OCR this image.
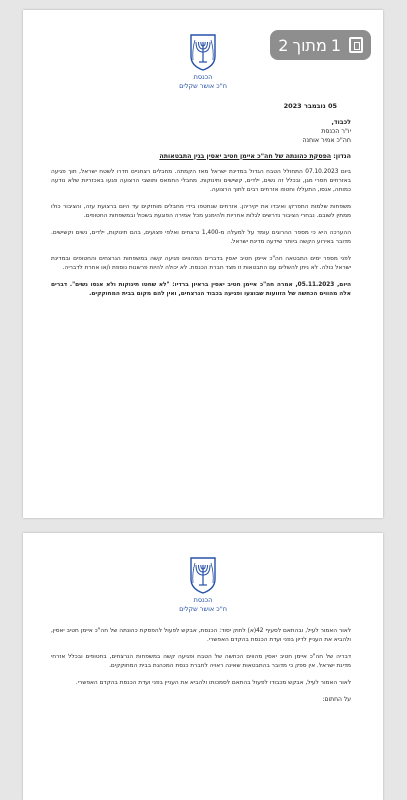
2 מתוך 1
הכנסת
ח"כ אושר שקלים
05 נובמבר 2023
לכבוד,
יו"ר הכנסת
חה"כ אמיר אוחנה
הנדון: הפסקת כהונתה של חה"כ איימן חטיב יאסין בגין התבטאותה

ביום 07.10.2023 התחולל הטבח הגדול במדינת ישראל מאז הקמתה. מחבלים רצחניים חדרו לשטח ישראל, תוך פגיעה באזרחים חסרי מגן, ובכלל זה נשים, ילדים, קשישים ותינוקות. מחבלי החמאס ותושבי הרצועה פגעו באכזריות שלא נודעה כמותה, אנסו, התעללו וחטפו אזרחים רבים לתוך הרצועה.

משפחות שלמות התפרקו ואיבדו את יקיריהן. אזרחים שנחטפו בידי מחבלים מוחזקים עד היום ברצועת עזה, והציבור כולו ממתין לשובם. נבחרי הציבור נדרשים לגלות אחריות ולהימנע מכל אמירה הפוגעת בשכול ובמשפחות החטופים.

ההערכה היא כי מספר ההרוגים עומד על למעלה מ-1,400 נרצחים ואלפי פצועים, בהם תינוקות, ילדים, נשים וקשישים. מדובר באירוע הקשה ביותר שידעה מדינת ישראל.

לפני מספר ימים התבטאה חה"כ איימן חטיב יאסין בדברים המהווים פגיעה קשה במשפחות הנרצחים והחטופים ובמדינת ישראל כולה. לא ניתן להשלים עם התבטאות זו מצד חברת הכנסת. לא יכולה להיות פרשנות נוספת ו/או אחרת לדבריה.

היום, 05.11.2023, אמרה חה"כ איימן חטיב יאסין בראיון ברדיו: "לא שחטו תינוקות ולא אנסו נשים". דברים אלה מהווים הכחשה של הזוועות שבוצעו ופגיעה בכבוד הנרצחים, ואין להם מקום בבית המחוקקים.

הכנסת
ח"כ אושר שקלים

לאור האמור לעיל, ובהתאם לסעיף 42(א) לחוק יסוד: הכנסת, אבקש לפעול להפסקת כהונתה של חה"כ איימן חטיב יאסין, ולהביא את העניין לדיון בפני ועדת הכנסת בהקדם האפשרי.

דבריה של חה"כ איימן חטיב יאסין מהווים הכחשה של הטבח ופגיעה קשה במשפחות הנרצחים, בחטופים ובכלל אזרחי מדינת ישראל. אין ספק כי מדובר בהתבטאות שאינה ראויה לחברת כנסת המכהנת בבית המחוקקים.

לאור האמור לעיל, אבקש מכבודו לפעול בהתאם לסמכותו ולהביא את העניין בפני ועדת הכנסת בהקדם האפשרי.

על החתום:
